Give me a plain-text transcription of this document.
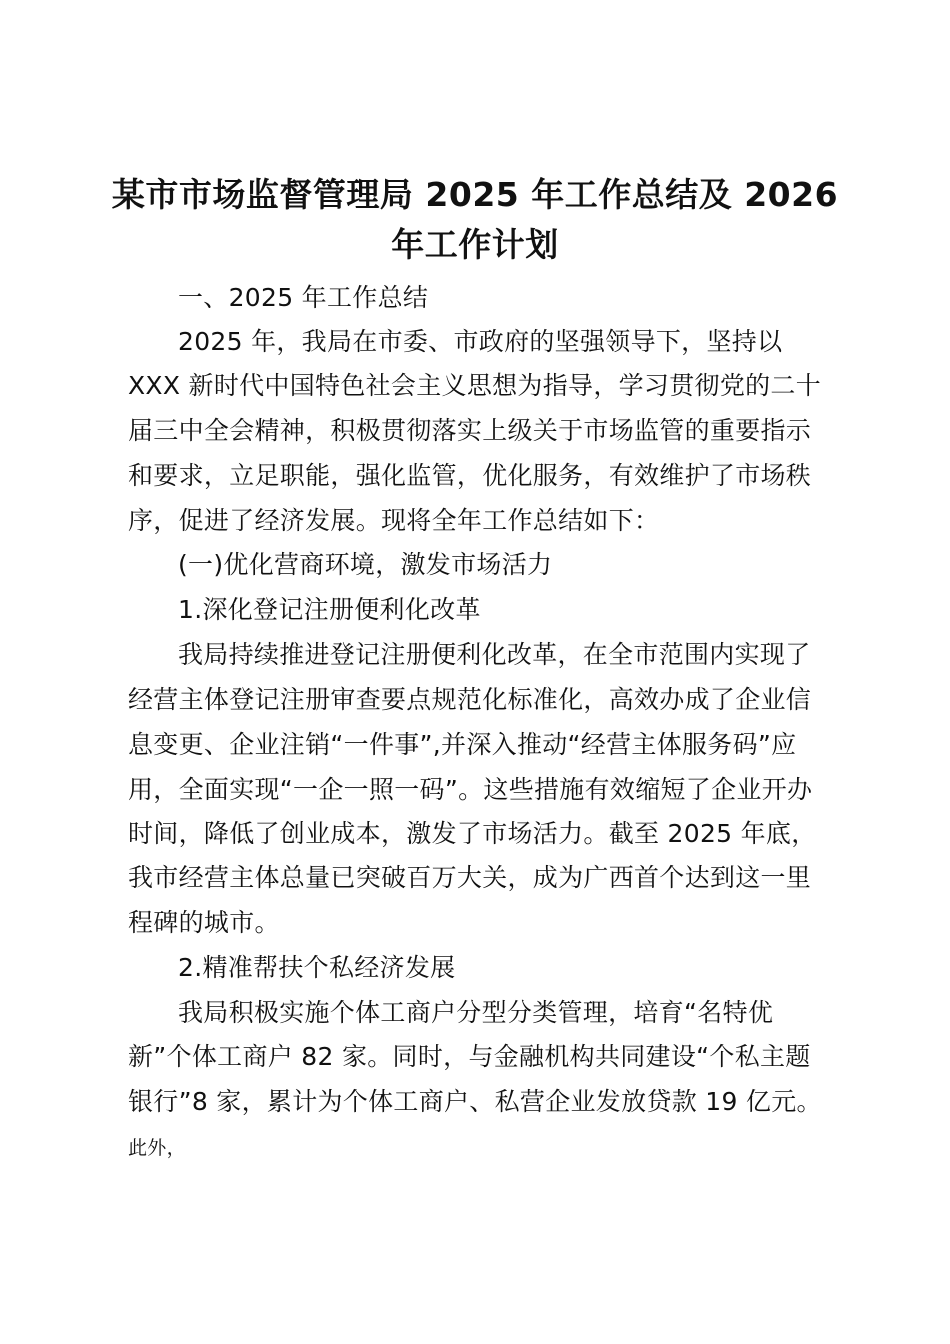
某市市场监督管理局 2025 年工作总结及 2026
年工作计划
一、2025 年工作总结
2025 年，我局在市委、市政府的坚强领导下，坚持以
XXX 新时代中国特色社会主义思想为指导，学习贯彻党的二十
届三中全会精神，积极贯彻落实上级关于市场监管的重要指示
和要求，立足职能，强化监管，优化服务，有效维护了市场秩
序，促进了经济发展。现将全年工作总结如下：
(一)优化营商环境，激发市场活力
1.深化登记注册便利化改革
我局持续推进登记注册便利化改革，在全市范围内实现了
经营主体登记注册审查要点规范化标准化，高效办成了企业信
息变更、企业注销“一件事”,并深入推动“经营主体服务码”应
用，全面实现“一企一照一码”。这些措施有效缩短了企业开办
时间，降低了创业成本，激发了市场活力。截至 2025 年底，
我市经营主体总量已突破百万大关，成为广西首个达到这一里
程碑的城市。
2.精准帮扶个私经济发展
我局积极实施个体工商户分型分类管理，培育“名特优
新”个体工商户 82 家。同时，与金融机构共同建设“个私主题
银行”8 家，累计为个体工商户、私营企业发放贷款 19 亿元。
此外，
